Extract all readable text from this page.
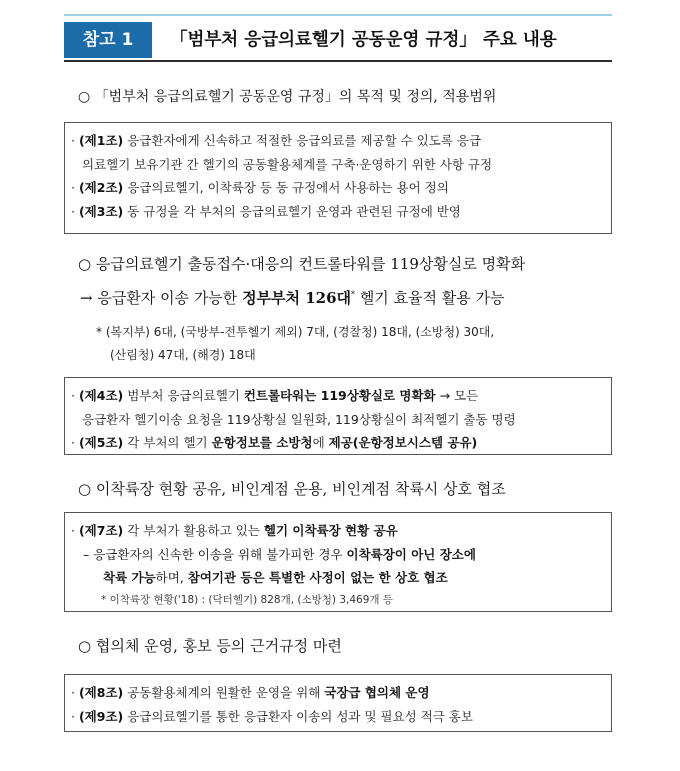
참고 1	「범부처 응급의료헬기 공동운영 규정」 주요 내용
○ 「범부처 응급의료헬기 공동운영 규정」의 목적 및 정의, 적용범위
· (제1조) 응급환자에게 신속하고 적절한 응급의료를 제공할 수 있도록 응급
의료헬기 보유기관 간 헬기의 공동활용체계를 구축·운영하기 위한 사항 규정
· (제2조) 응급의료헬기, 이착륙장 등 동 규정에서 사용하는 용어 정의
· (제3조) 동 규정을 각 부처의 응급의료헬기 운영과 관련된 규정에 반영
○ 응급의료헬기 출동접수·대응의 컨트롤타워를 119상황실로 명확화
→ 응급환자 이송 가능한 정부부처 126대* 헬기 효율적 활용 가능
* (복지부) 6대, (국방부-전투헬기 제외) 7대, (경찰청) 18대, (소방청) 30대,
(산림청) 47대, (해경) 18대
· (제4조) 범부처 응급의료헬기 컨트롤타워는 119상황실로 명확화 → 모든
응급환자 헬기이송 요청을 119상황실 일원화, 119상황실이 최적헬기 출동 명령
· (제5조) 각 부처의 헬기 운항정보를 소방청에 제공(운항정보시스템 공유)
○ 이착륙장 현황 공유, 비인계점 운용, 비인계점 착륙시 상호 협조
· (제7조) 각 부처가 활용하고 있는 헬기 이착륙장 현황 공유
– 응급환자의 신속한 이송을 위해 불가피한 경우 이착륙장이 아닌 장소에
착륙 가능하며, 참여기관 등은 특별한 사정이 없는 한 상호 협조
* 이착륙장 현황('18) : (닥터헬기) 828개, (소방청) 3,469개 등
○ 협의체 운영, 홍보 등의 근거규정 마련
· (제8조) 공동활용체계의 원활한 운영을 위해 국장급 협의체 운영
· (제9조) 응급의료헬기를 통한 응급환자 이송의 성과 및 필요성 적극 홍보
